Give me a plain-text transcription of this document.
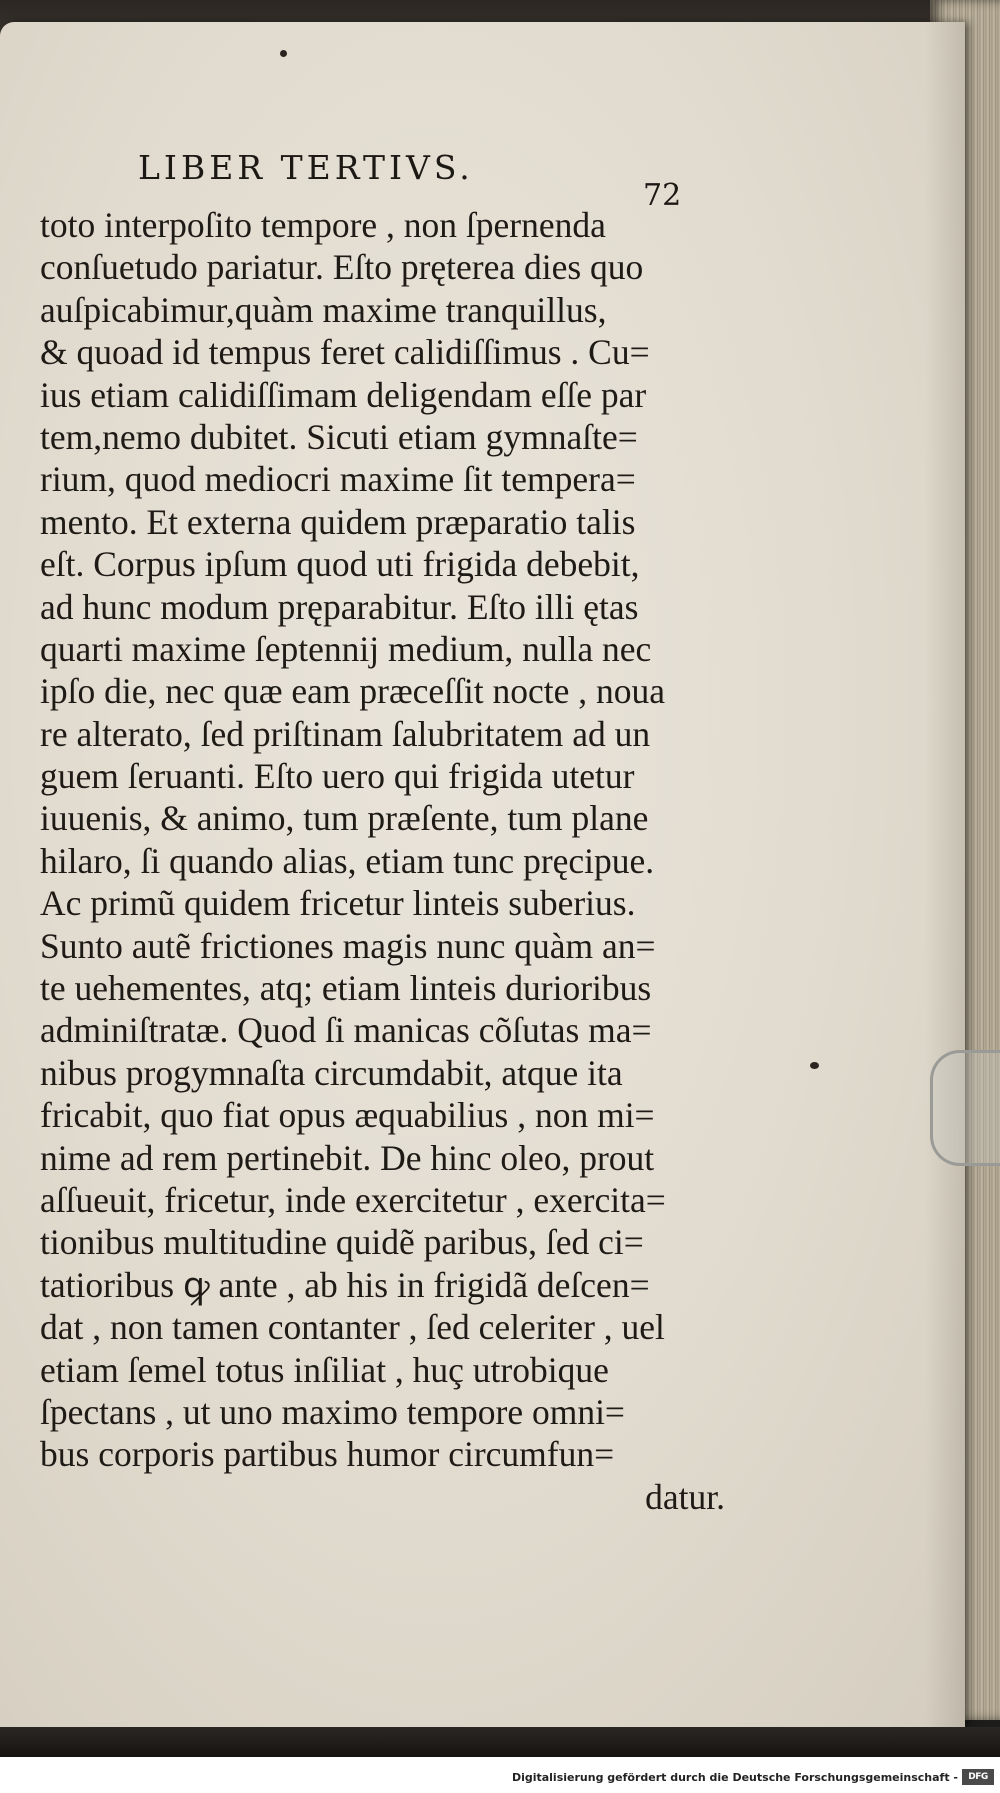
LIBER TERTIVS.
72
toto interpoſito tempore , non ſpernenda
conſuetudo pariatur. Eſto pręterea dies quo
auſpicabimur,quàm maxime tranquillus,
& quoad id tempus feret calidiſſimus . Cu=
ius etiam calidiſſimam deligendam eſſe par
tem,nemo dubitet. Sicuti etiam gymnaſte=
rium, quod mediocri maxime ſit tempera=
mento. Et externa quidem præparatio talis
eſt. Corpus ipſum quod uti frigida debebit,
ad hunc modum pręparabitur. Eſto illi ętas
quarti maxime ſeptennij medium, nulla nec
ipſo die, nec quæ eam præceſſit nocte , noua
re alterato, ſed priſtinam ſalubritatem ad un
guem ſeruanti. Eſto uero qui frigida utetur
iuuenis, & animo, tum præſente, tum plane
hilaro, ſi quando alias, etiam tunc pręcipue.
Ac primũ quidem fricetur linteis suberius.
Sunto autẽ frictiones magis nunc quàm an=
te uehementes, atq; etiam linteis durioribus
adminiſtratæ. Quod ſi manicas cõſutas ma=
nibus progymnaſta circumdabit, atque ita
fricabit, quo fiat opus æquabilius , non mi=
nime ad rem pertinebit. De hinc oleo, prout
aſſueuit, fricetur, inde exercitetur , exercita=
tionibus multitudine quidẽ paribus, ſed ci=
tatioribus ꝙ ante , ab his in frigidã deſcen=
dat , non tamen contanter , ſed celeriter , uel
etiam ſemel totus inſiliat , huç utrobique
ſpectans , ut uno maximo tempore omni=
bus corporis partibus humor circumfun=
datur.
Digitalisierung gefördert durch die Deutsche Forschungsgemeinschaft -	DFG
